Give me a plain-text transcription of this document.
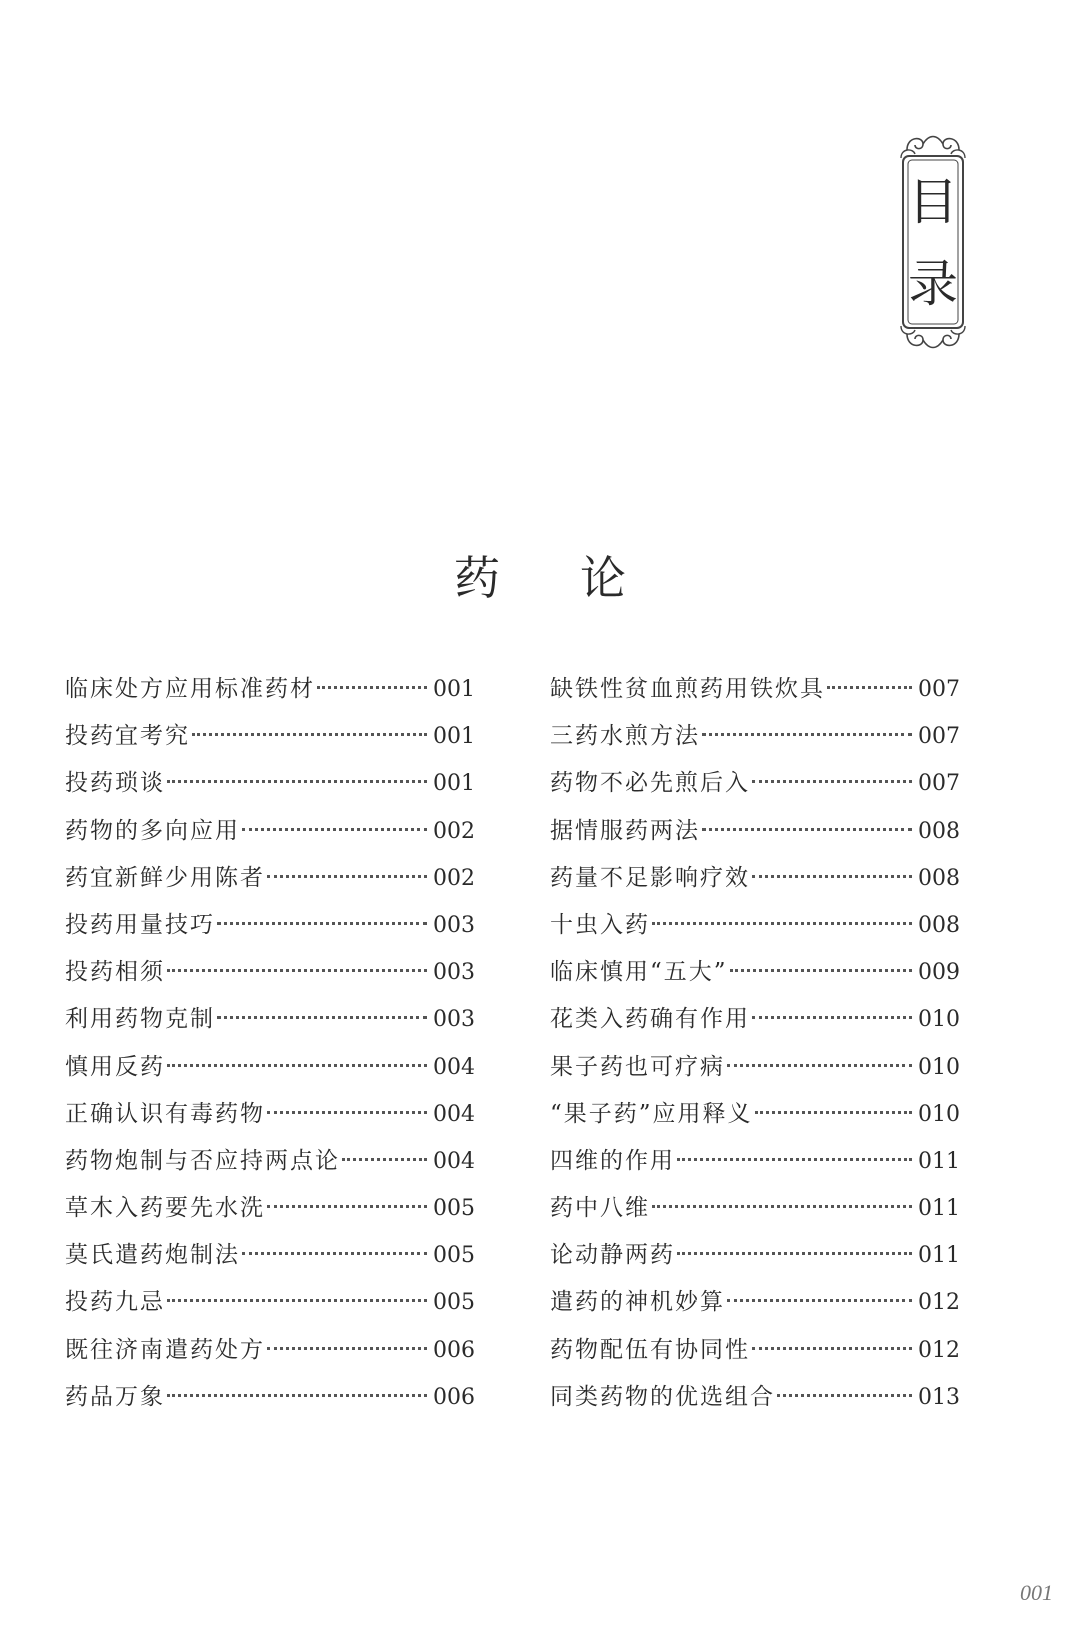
目
录
药论
临床处方应用标准药材	001
投药宜考究	001
投药琐谈	001
药物的多向应用	002
药宜新鲜少用陈者	002
投药用量技巧	003
投药相须	003
利用药物克制	003
慎用反药	004
正确认识有毒药物	004
药物炮制与否应持两点论	004
草木入药要先水洗	005
莫氏遣药炮制法	005
投药九忌	005
既往济南遣药处方	006
药品万象	006
缺铁性贫血煎药用铁炊具	007
三药水煎方法	007
药物不必先煎后入	007
据情服药两法	008
药量不足影响疗效	008
十虫入药	008
临床慎用“五大”	009
花类入药确有作用	010
果子药也可疗病	010
“果子药”应用释义	010
四维的作用	011
药中八维	011
论动静两药	011
遣药的神机妙算	012
药物配伍有协同性	012
同类药物的优选组合	013
001
